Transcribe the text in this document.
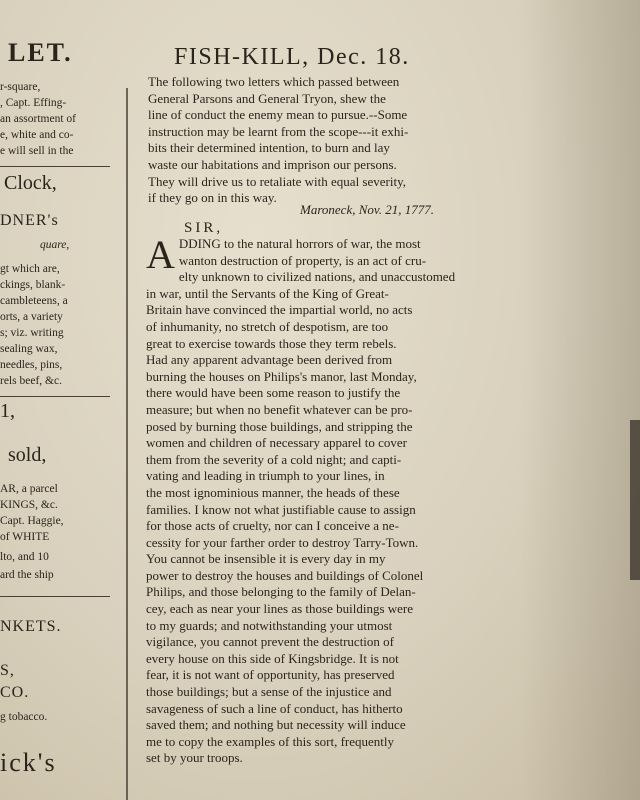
LET.
r-square,
, Capt. Effing-
an assortment of
e, white and co-
e will sell in the
Clock,
DNER's
quare,
gt which are,
ckings, blank-
cambleteens, a
orts, a variety
s; viz. writing
sealing wax,
needles, pins,
rels beef, &c.
1,
sold,
AR, a parcel
KINGS, &c.
Capt. Haggie,
of WHITE
lto, and 10
ard the ship
NKETS.
S,
CO.
g tobacco.
ick's
FISH-KILL, Dec. 18.
The following two letters which passed between
General Parsons and General Tryon, shew the
line of conduct the enemy mean to pursue.--Some
instruction may be learnt from the scope---it exhi-
bits their determined intention, to burn and lay
waste our habitations and imprison our persons.
They will drive us to retaliate with equal severity,
if they go on in this way.
Maroneck, Nov. 21, 1777.
SIR,
A DDING to the natural horrors of war, the most
wanton destruction of property, is an act of cru-
elty unknown to civilized nations, and unaccustomed
in war, until the Servants of the King of Great-
Britain have convinced the impartial world, no acts
of inhumanity, no stretch of despotism, are too
great to exercise towards those they term rebels.
Had any apparent advantage been derived from
burning the houses on Philips's manor, last Monday,
there would have been some reason to justify the
measure; but when no benefit whatever can be pro-
posed by burning those buildings, and stripping the
women and children of necessary apparel to cover
them from the severity of a cold night; and capti-
vating and leading in triumph to your lines, in
the most ignominious manner, the heads of these
families. I know not what justifiable cause to assign
for those acts of cruelty, nor can I conceive a ne-
cessity for your farther order to destroy Tarry-Town.
You cannot be insensible it is every day in my
power to destroy the houses and buildings of Colonel
Philips, and those belonging to the family of Delan-
cey, each as near your lines as those buildings were
to my guards; and notwithstanding your utmost
vigilance, you cannot prevent the destruction of
every house on this side of Kingsbridge. It is not
fear, it is not want of opportunity, has preserved
those buildings; but a sense of the injustice and
savageness of such a line of conduct, has hitherto
saved them; and nothing but necessity will induce
me to copy the examples of this sort, frequently
set by your troops.
